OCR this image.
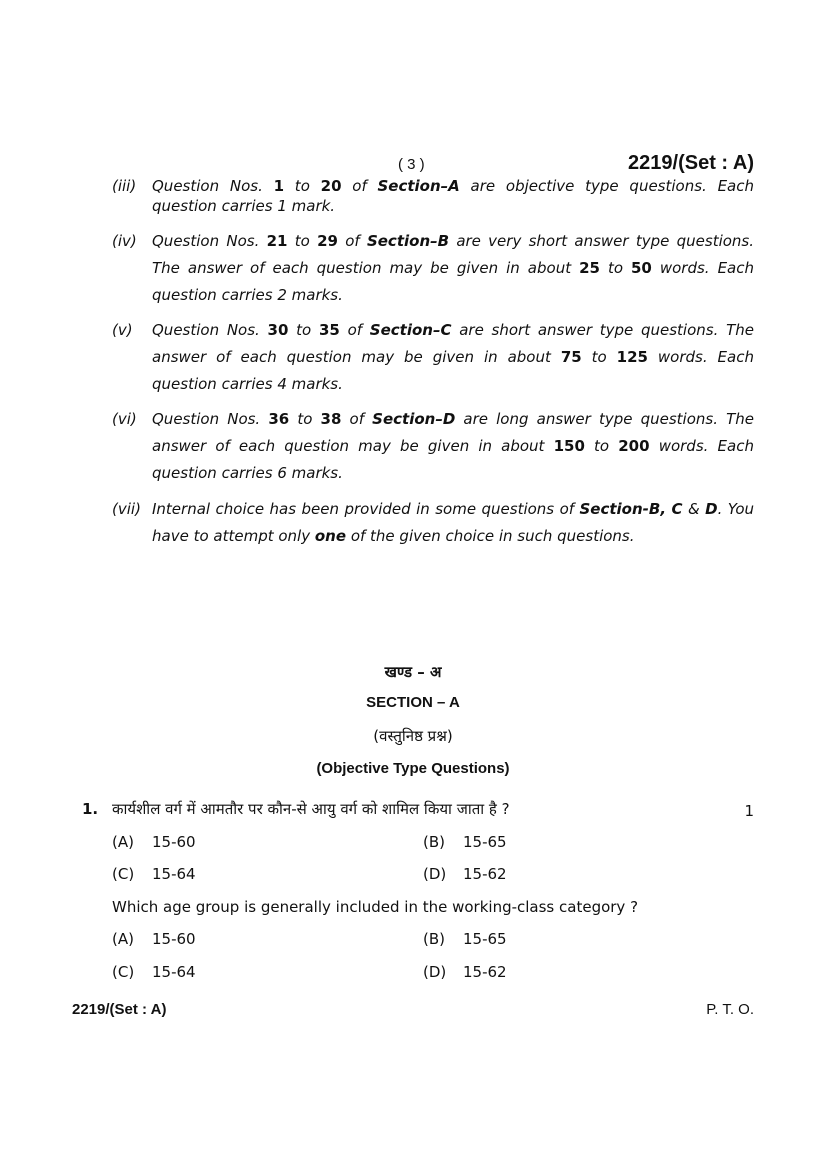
( 3 )	2219/(Set : A)
(iii) Question Nos. 1 to 20 of Section–A are objective type questions. Each question carries 1 mark.
(iv) Question Nos. 21 to 29 of Section–B are very short answer type questions. The answer of each question may be given in about 25 to 50 words. Each question carries 2 marks.
(v) Question Nos. 30 to 35 of Section–C are short answer type questions. The answer of each question may be given in about 75 to 125 words. Each question carries 4 marks.
(vi) Question Nos. 36 to 38 of Section–D are long answer type questions. The answer of each question may be given in about 150 to 200 words. Each question carries 6 marks.
(vii) Internal choice has been provided in some questions of Section-B, C & D. You have to attempt only one of the given choice in such questions.
खण्ड – अ
SECTION – A
(वस्तुनिष्ठ प्रश्न)
(Objective Type Questions)
1. कार्यशील वर्ग में आमतौर पर कौन-से आयु वर्ग को शामिल किया जाता है ?	1
(A) 15-60	(B) 15-65
(C) 15-64	(D) 15-62
Which age group is generally included in the working-class category ?
(A) 15-60	(B) 15-65
(C) 15-64	(D) 15-62
2219/(Set : A)	P. T. O.
